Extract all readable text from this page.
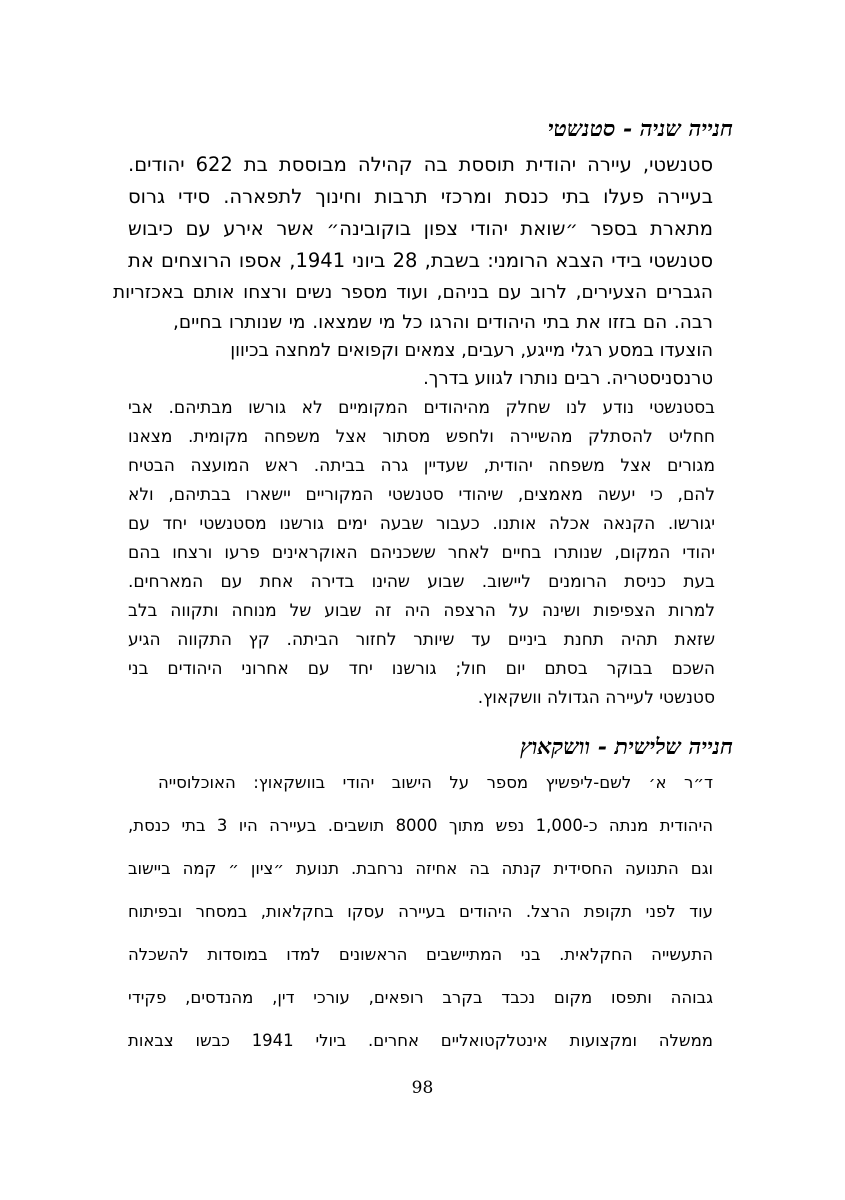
חנייה שניה - סטנשטי

סטנשטי, עיירה יהודית תוססת בה קהילה מבוססת בת 622 יהודים.

בעיירה פעלו בתי כנסת ומרכזי תרבות וחינוך לתפארה. סידי גרוס

מתארת בספר ״שואת יהודי צפון בוקובינה״ אשר אירע עם כיבוש

סטנשטי בידי הצבא הרומני: בשבת, 28 ביוני 1941, אספו הרוצחים את

הגברים הצעירים, לרוב עם בניהם, ועוד מספר נשים ורצחו אותם באכזריות

רבה. הם בזזו את בתי היהודים והרגו כל מי שמצאו. מי שנותרו בחיים,

הוצעדו במסע רגלי מייגע, רעבים, צמאים וקפואים למחצה בכיוון

טרנסניסטריה. רבים נותרו לגווע בדרך.

בסטנשטי נודע לנו שחלק מהיהודים המקומיים לא גורשו מבתיהם. אבי

חחליט להסתלק מהשיירה ולחפש מסתור אצל משפחה מקומית. מצאנו

מגורים אצל משפחה יהודית, שעדיין גרה בביתה. ראש המועצה הבטיח

להם, כי יעשה מאמצים, שיהודי סטנשטי המקוריים יישארו בבתיהם, ולא

יגורשו. הקנאה אכלה אותנו. כעבור שבעה ימים גורשנו מסטנשטי יחד עם

יהודי המקום, שנותרו בחיים לאחר ששכניהם האוקראינים פרעו ורצחו בהם

בעת כניסת הרומנים ליישוב. שבוע שהינו בדירה אחת עם המארחים.

למרות הצפיפות ושינה על הרצפה היה זה שבוע של מנוחה ותקווה בלב

שזאת תהיה תחנת ביניים עד שיותר לחזור הביתה. קץ התקווה הגיע

השכם בבוקר בסתם יום חול; גורשנו יחד עם אחרוני היהודים בני

סטנשטי לעיירה הגדולה וושקאוץ.

חנייה שלישית - וושקאוץ

ד״ר א׳ לשם-ליפשיץ מספר על הישוב יהודי בוושקאוץ: האוכלוסייה

היהודית מנתה כ-1,000 נפש מתוך 8000 תושבים. בעיירה היו 3 בתי כנסת,

וגם התנועה החסידית קנתה בה אחיזה נרחבת. תנועת ״ציון ״ קמה ביישוב

עוד לפני תקופת הרצל. היהודים בעיירה עסקו בחקלאות, במסחר ובפיתוח

התעשייה החקלאית. בני המתיישבים הראשונים למדו במוסדות להשכלה

גבוהה ותפסו מקום נכבד בקרב רופאים, עורכי דין, מהנדסים, פקידי

ממשלה ומקצועות אינטלקטואליים אחרים. ביולי 1941 כבשו צבאות

98
